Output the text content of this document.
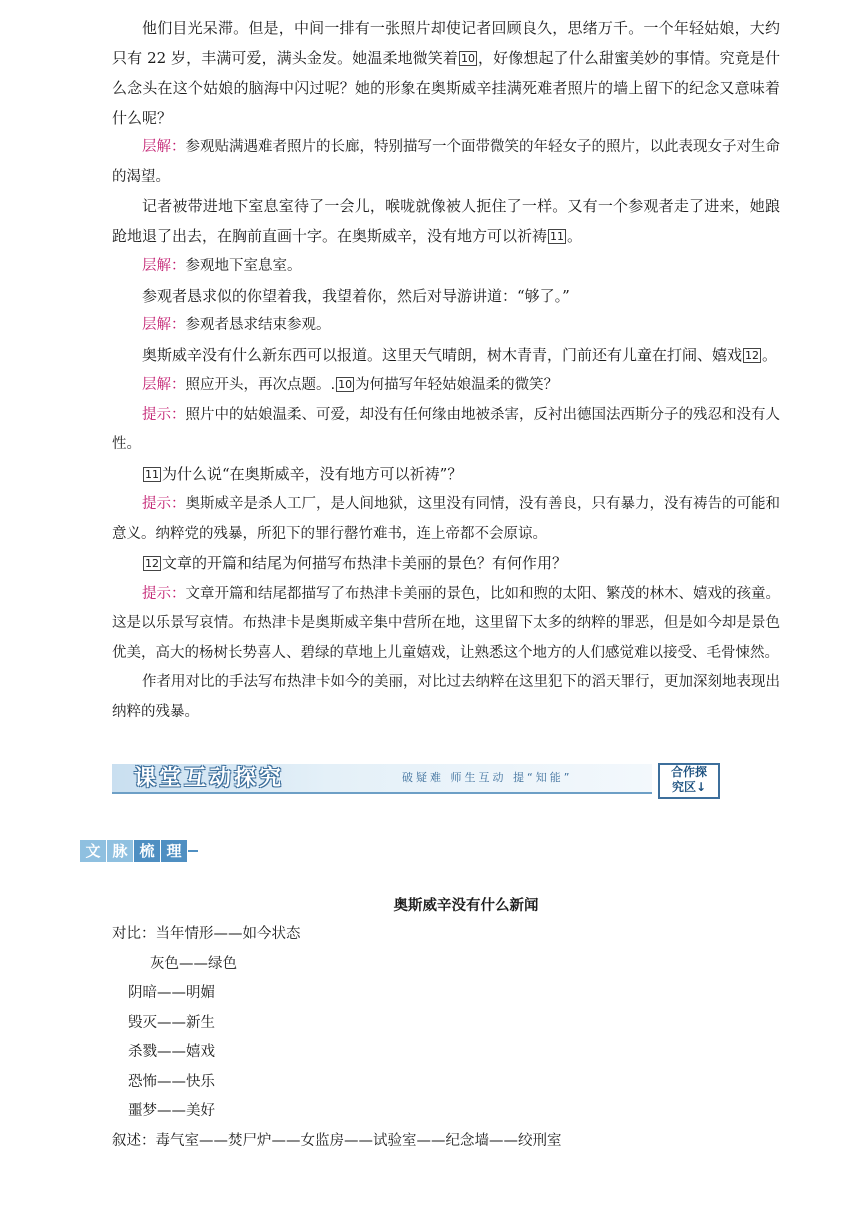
他们目光呆滞。但是，中间一排有一张照片却使记者回顾良久，思绪万千。一个年轻姑娘，大约只有 22 岁，丰满可爱，满头金发。她温柔地微笑着 10 ，好像想起了什么甜蜜美妙的事情。究竟是什么念头在这个姑娘的脑海中闪过呢？她的形象在奥斯威辛挂满死难者照片的墙上留下的纪念又意味着什么呢？

层解：参观贴满遇难者照片的长廊，特别描写一个面带微笑的年轻女子的照片，以此表现女子对生命的渴望。

记者被带进地下室息室待了一会儿，喉咙就像被人扼住了一样。又有一个参观者走了进来，她踉跄地退了出去，在胸前直画十字。在奥斯威辛，没有地方可以祈祷 11 。

层解：参观地下室息室。

参观者恳求似的你望着我，我望着你，然后对导游讲道：“够了。”

层解：参观者恳求结束参观。

奥斯威辛没有什么新东西可以报道。这里天气晴朗，树木青青，门前还有儿童在打闹、嬉戏 12 。

层解：照应开头，再次点题。. 10 为何描写年轻姑娘温柔的微笑？

提示：照片中的姑娘温柔、可爱，却没有任何缘由地被杀害，反衬出德国法西斯分子的残忍和没有人性。

11 为什么说“在奥斯威辛，没有地方可以祈祷”？

提示：奥斯威辛是杀人工厂，是人间地狱，这里没有同情，没有善良，只有暴力，没有祷告的可能和意义。纳粹党的残暴，所犯下的罪行罄竹难书，连上帝都不会原谅。

12 文章的开篇和结尾为何描写布热津卡美丽的景色？有何作用？

提示：文章开篇和结尾都描写了布热津卡美丽的景色，比如和煦的太阳、繁茂的林木、嬉戏的孩童。这是以乐景写哀情。布热津卡是奥斯威辛集中营所在地，这里留下太多的纳粹的罪恶，但是如今却是景色优美，高大的杨树长势喜人、碧绿的草地上儿童嬉戏，让熟悉这个地方的人们感觉难以接受、毛骨悚然。

作者用对比的手法写布热津卡如今的美丽，对比过去纳粹在这里犯下的滔天罪行，更加深刻地表现出纳粹的残暴。

课堂互动探究	破疑难 师生互动 提“知能”	合作探
究区↓
文 脉 梳 理
奥斯威辛没有什么新闻
对比：当年情形——如今状态
灰色——绿色
阴暗——明媚
毁灭——新生
杀戮——嬉戏
恐怖——快乐
噩梦——美好
叙述：毒气室——焚尸炉——女监房——试验室——纪念墙——绞刑室
